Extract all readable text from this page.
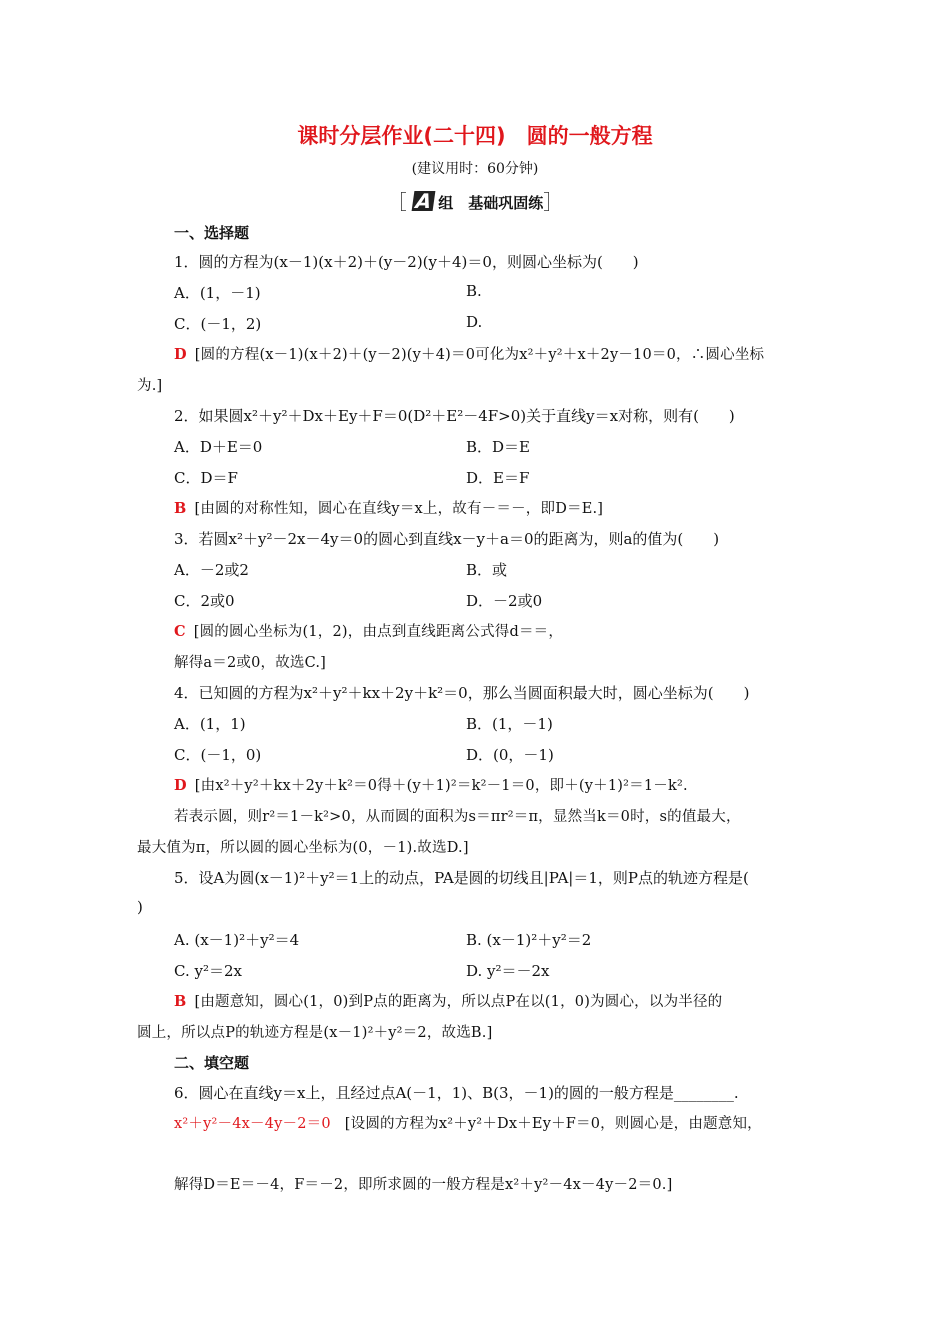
课时分层作业(二十四)　圆的一般方程
(建议用时：60分钟)
［ A 组　基础巩固练］
一、选择题
1．圆的方程为(x－1)(x＋2)＋(y－2)(y＋4)＝0，则圆心坐标为(　　)
A．(1，－1)	B.
C．(－1，2)	D.
D [圆的方程(x－1)(x＋2)＋(y－2)(y＋4)＝0可化为x²＋y²＋x＋2y－10＝0，∴圆心坐标
为.]
2．如果圆x²＋y²＋Dx＋Ey＋F＝0(D²＋E²－4F>0)关于直线y＝x对称，则有(　　)
A．D＋E＝0	B．D＝E
C．D＝F	D．E＝F
B [由圆的对称性知，圆心在直线y＝x上，故有－＝－，即D＝E.]
3．若圆x²＋y²－2x－4y＝0的圆心到直线x－y＋a＝0的距离为，则a的值为(　　)
A．－2或2	B．或
C．2或0	D．－2或0
C [圆的圆心坐标为(1，2)，由点到直线距离公式得d＝＝，
解得a＝2或0，故选C.]
4．已知圆的方程为x²＋y²＋kx＋2y＋k²＝0，那么当圆面积最大时，圆心坐标为(　　)
A．(1，1)	B．(1，－1)
C．(－1，0)	D．(0，－1)
D [由x²＋y²＋kx＋2y＋k²＝0得＋(y＋1)²＝k²－1＝0，即＋(y＋1)²＝1－k².
若表示圆，则r²＝1－k²>0，从而圆的面积为s＝πr²＝π，显然当k＝0时，s的值最大，
最大值为π，所以圆的圆心坐标为(0，－1).故选D.]
5．设A为圆(x－1)²＋y²＝1上的动点，PA是圆的切线且|PA|＝1，则P点的轨迹方程是(
)
A. (x－1)²＋y²＝4	B. (x－1)²＋y²＝2
C. y²＝2x	D. y²＝－2x
B [由题意知，圆心(1，0)到P点的距离为，所以点P在以(1，0)为圆心，以为半径的
圆上，所以点P的轨迹方程是(x－1)²＋y²＝2，故选B.]
二、填空题
6．圆心在直线y＝x上，且经过点A(－1，1)、B(3，－1)的圆的一般方程是________.
x²＋y²－4x－4y－2＝0 [设圆的方程为x²＋y²＋Dx＋Ey＋F＝0，则圆心是，由题意知，
解得D＝E＝－4，F＝－2，即所求圆的一般方程是x²＋y²－4x－4y－2＝0.]
